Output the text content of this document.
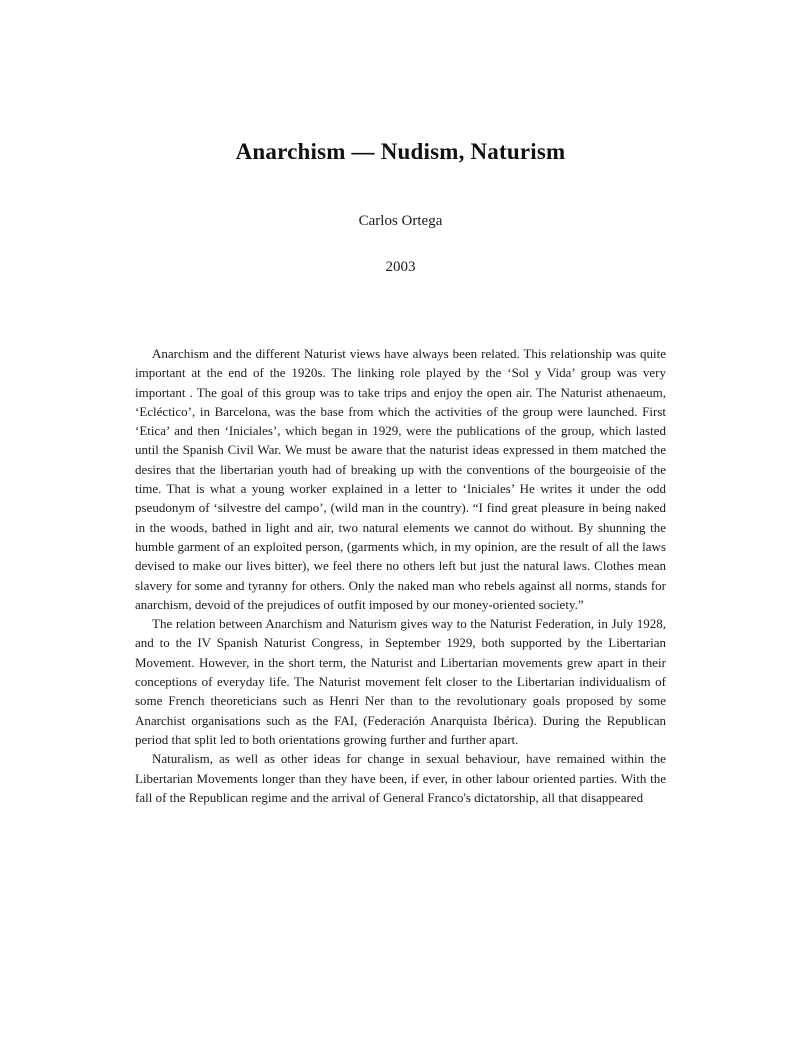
Anarchism — Nudism, Naturism
Carlos Ortega
2003

Anarchism and the different Naturist views have always been related. This relationship was quite important at the end of the 1920s. The linking role played by the ‘Sol y Vida’ group was very important . The goal of this group was to take trips and enjoy the open air. The Naturist athenaeum, ‘Ecléctico’, in Barcelona, was the base from which the activities of the group were launched. First ‘Etica’ and then ‘Iniciales’, which began in 1929, were the publications of the group, which lasted until the Spanish Civil War. We must be aware that the naturist ideas expressed in them matched the desires that the libertarian youth had of breaking up with the conventions of the bourgeoisie of the time. That is what a young worker explained in a letter to ‘Iniciales’ He writes it under the odd pseudonym of ‘silvestre del campo’, (wild man in the country). “I find great pleasure in being naked in the woods, bathed in light and air, two natural elements we cannot do without. By shunning the humble garment of an exploited person, (garments which, in my opinion, are the result of all the laws devised to make our lives bitter), we feel there no others left but just the natural laws. Clothes mean slavery for some and tyranny for others. Only the naked man who rebels against all norms, stands for anarchism, devoid of the prejudices of outfit imposed by our money-oriented society.”

The relation between Anarchism and Naturism gives way to the Naturist Federation, in July 1928, and to the IV Spanish Naturist Congress, in September 1929, both supported by the Libertarian Movement. However, in the short term, the Naturist and Libertarian movements grew apart in their conceptions of everyday life. The Naturist movement felt closer to the Libertarian individualism of some French theoreticians such as Henri Ner than to the revolutionary goals proposed by some Anarchist organisations such as the FAI, (Federación Anarquista Ibérica). During the Republican period that split led to both orientations growing further and further apart.

Naturalism, as well as other ideas for change in sexual behaviour, have remained within the Libertarian Movements longer than they have been, if ever, in other labour oriented parties. With the fall of the Republican regime and the arrival of General Franco's dictatorship, all that disappeared
